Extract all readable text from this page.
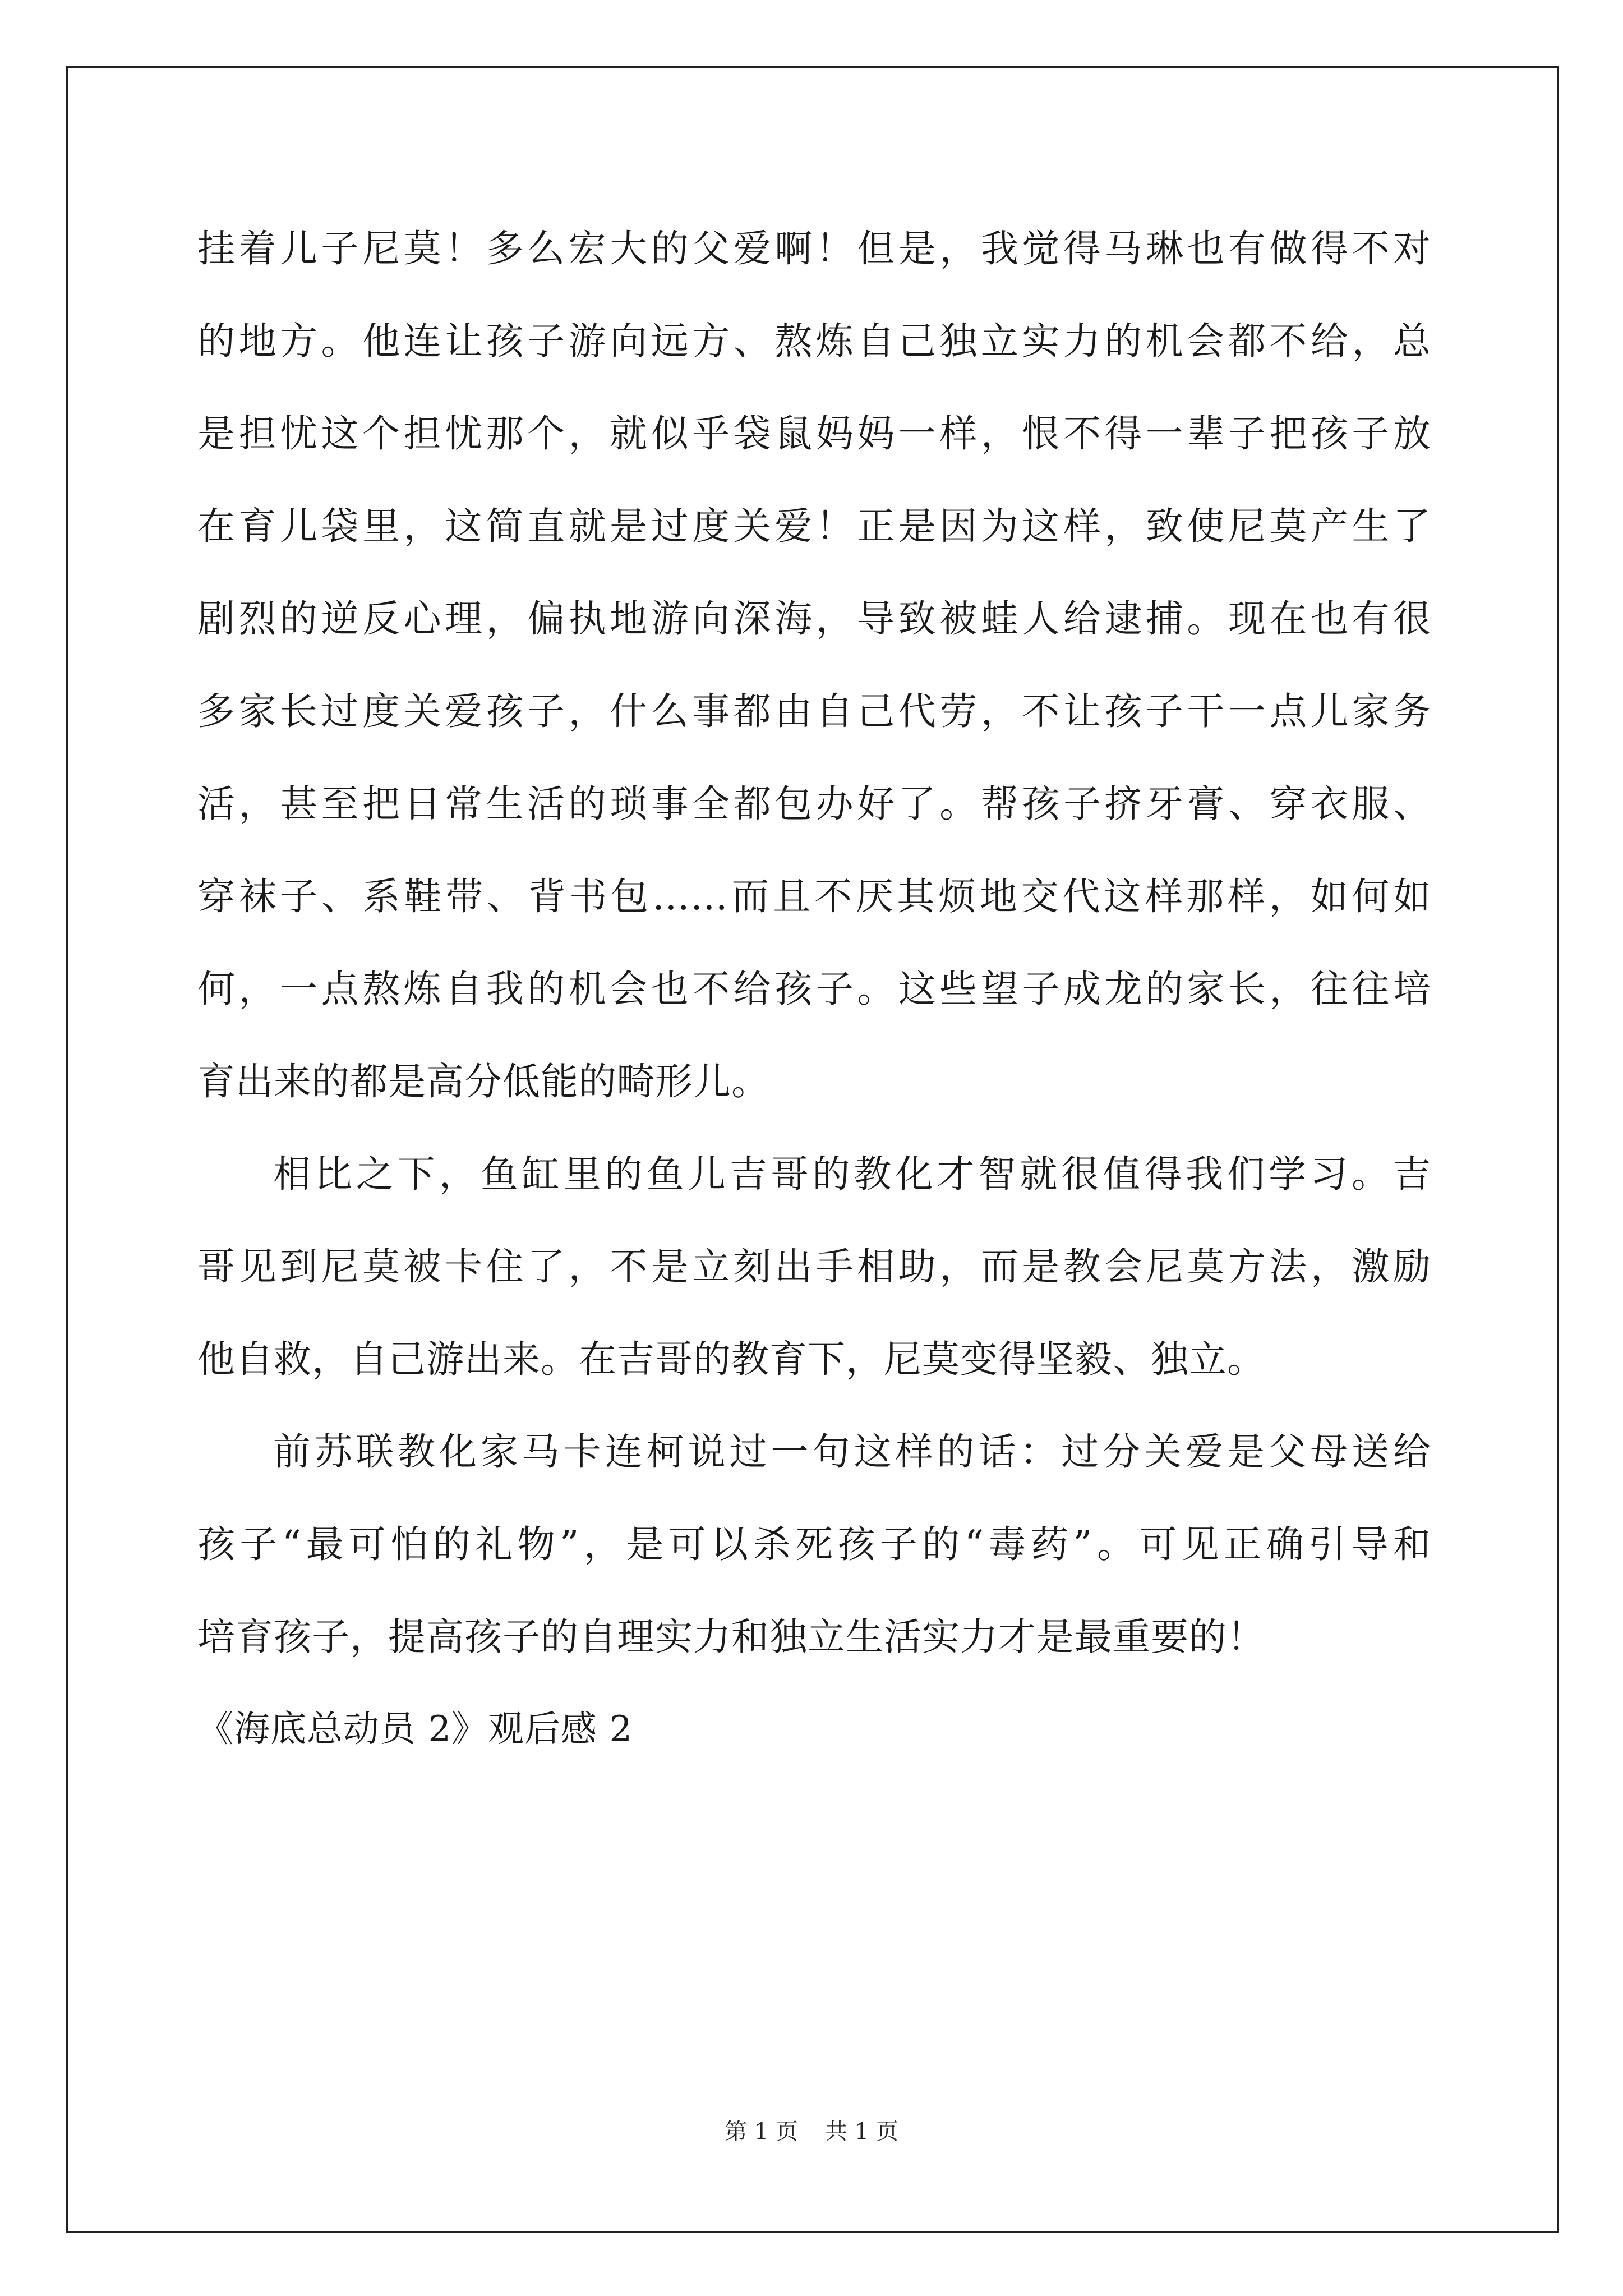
挂着儿子尼莫！多么宏大的父爱啊！但是，我觉得马琳也有做得不对
的地方。他连让孩子游向远方、熬炼自己独立实力的机会都不给，总
是担忧这个担忧那个，就似乎袋鼠妈妈一样，恨不得一辈子把孩子放
在育儿袋里，这简直就是过度关爱！正是因为这样，致使尼莫产生了
剧烈的逆反心理，偏执地游向深海，导致被蛙人给逮捕。现在也有很
多家长过度关爱孩子，什么事都由自己代劳，不让孩子干一点儿家务
活，甚至把日常生活的琐事全都包办好了。帮孩子挤牙膏、穿衣服、
穿袜子、系鞋带、背书包……而且不厌其烦地交代这样那样，如何如
何，一点熬炼自我的机会也不给孩子。这些望子成龙的家长，往往培
育出来的都是高分低能的畸形儿。
相比之下，鱼缸里的鱼儿吉哥的教化才智就很值得我们学习。吉
哥见到尼莫被卡住了，不是立刻出手相助，而是教会尼莫方法，激励
他自救，自己游出来。在吉哥的教育下，尼莫变得坚毅、独立。
前苏联教化家马卡连柯说过一句这样的话：过分关爱是父母送给
孩子“最可怕的礼物”，是可以杀死孩子的“毒药”。可见正确引导和
培育孩子，提高孩子的自理实力和独立生活实力才是最重要的！
《海底总动员 2》观后感 2
第 1 页 共 1 页
